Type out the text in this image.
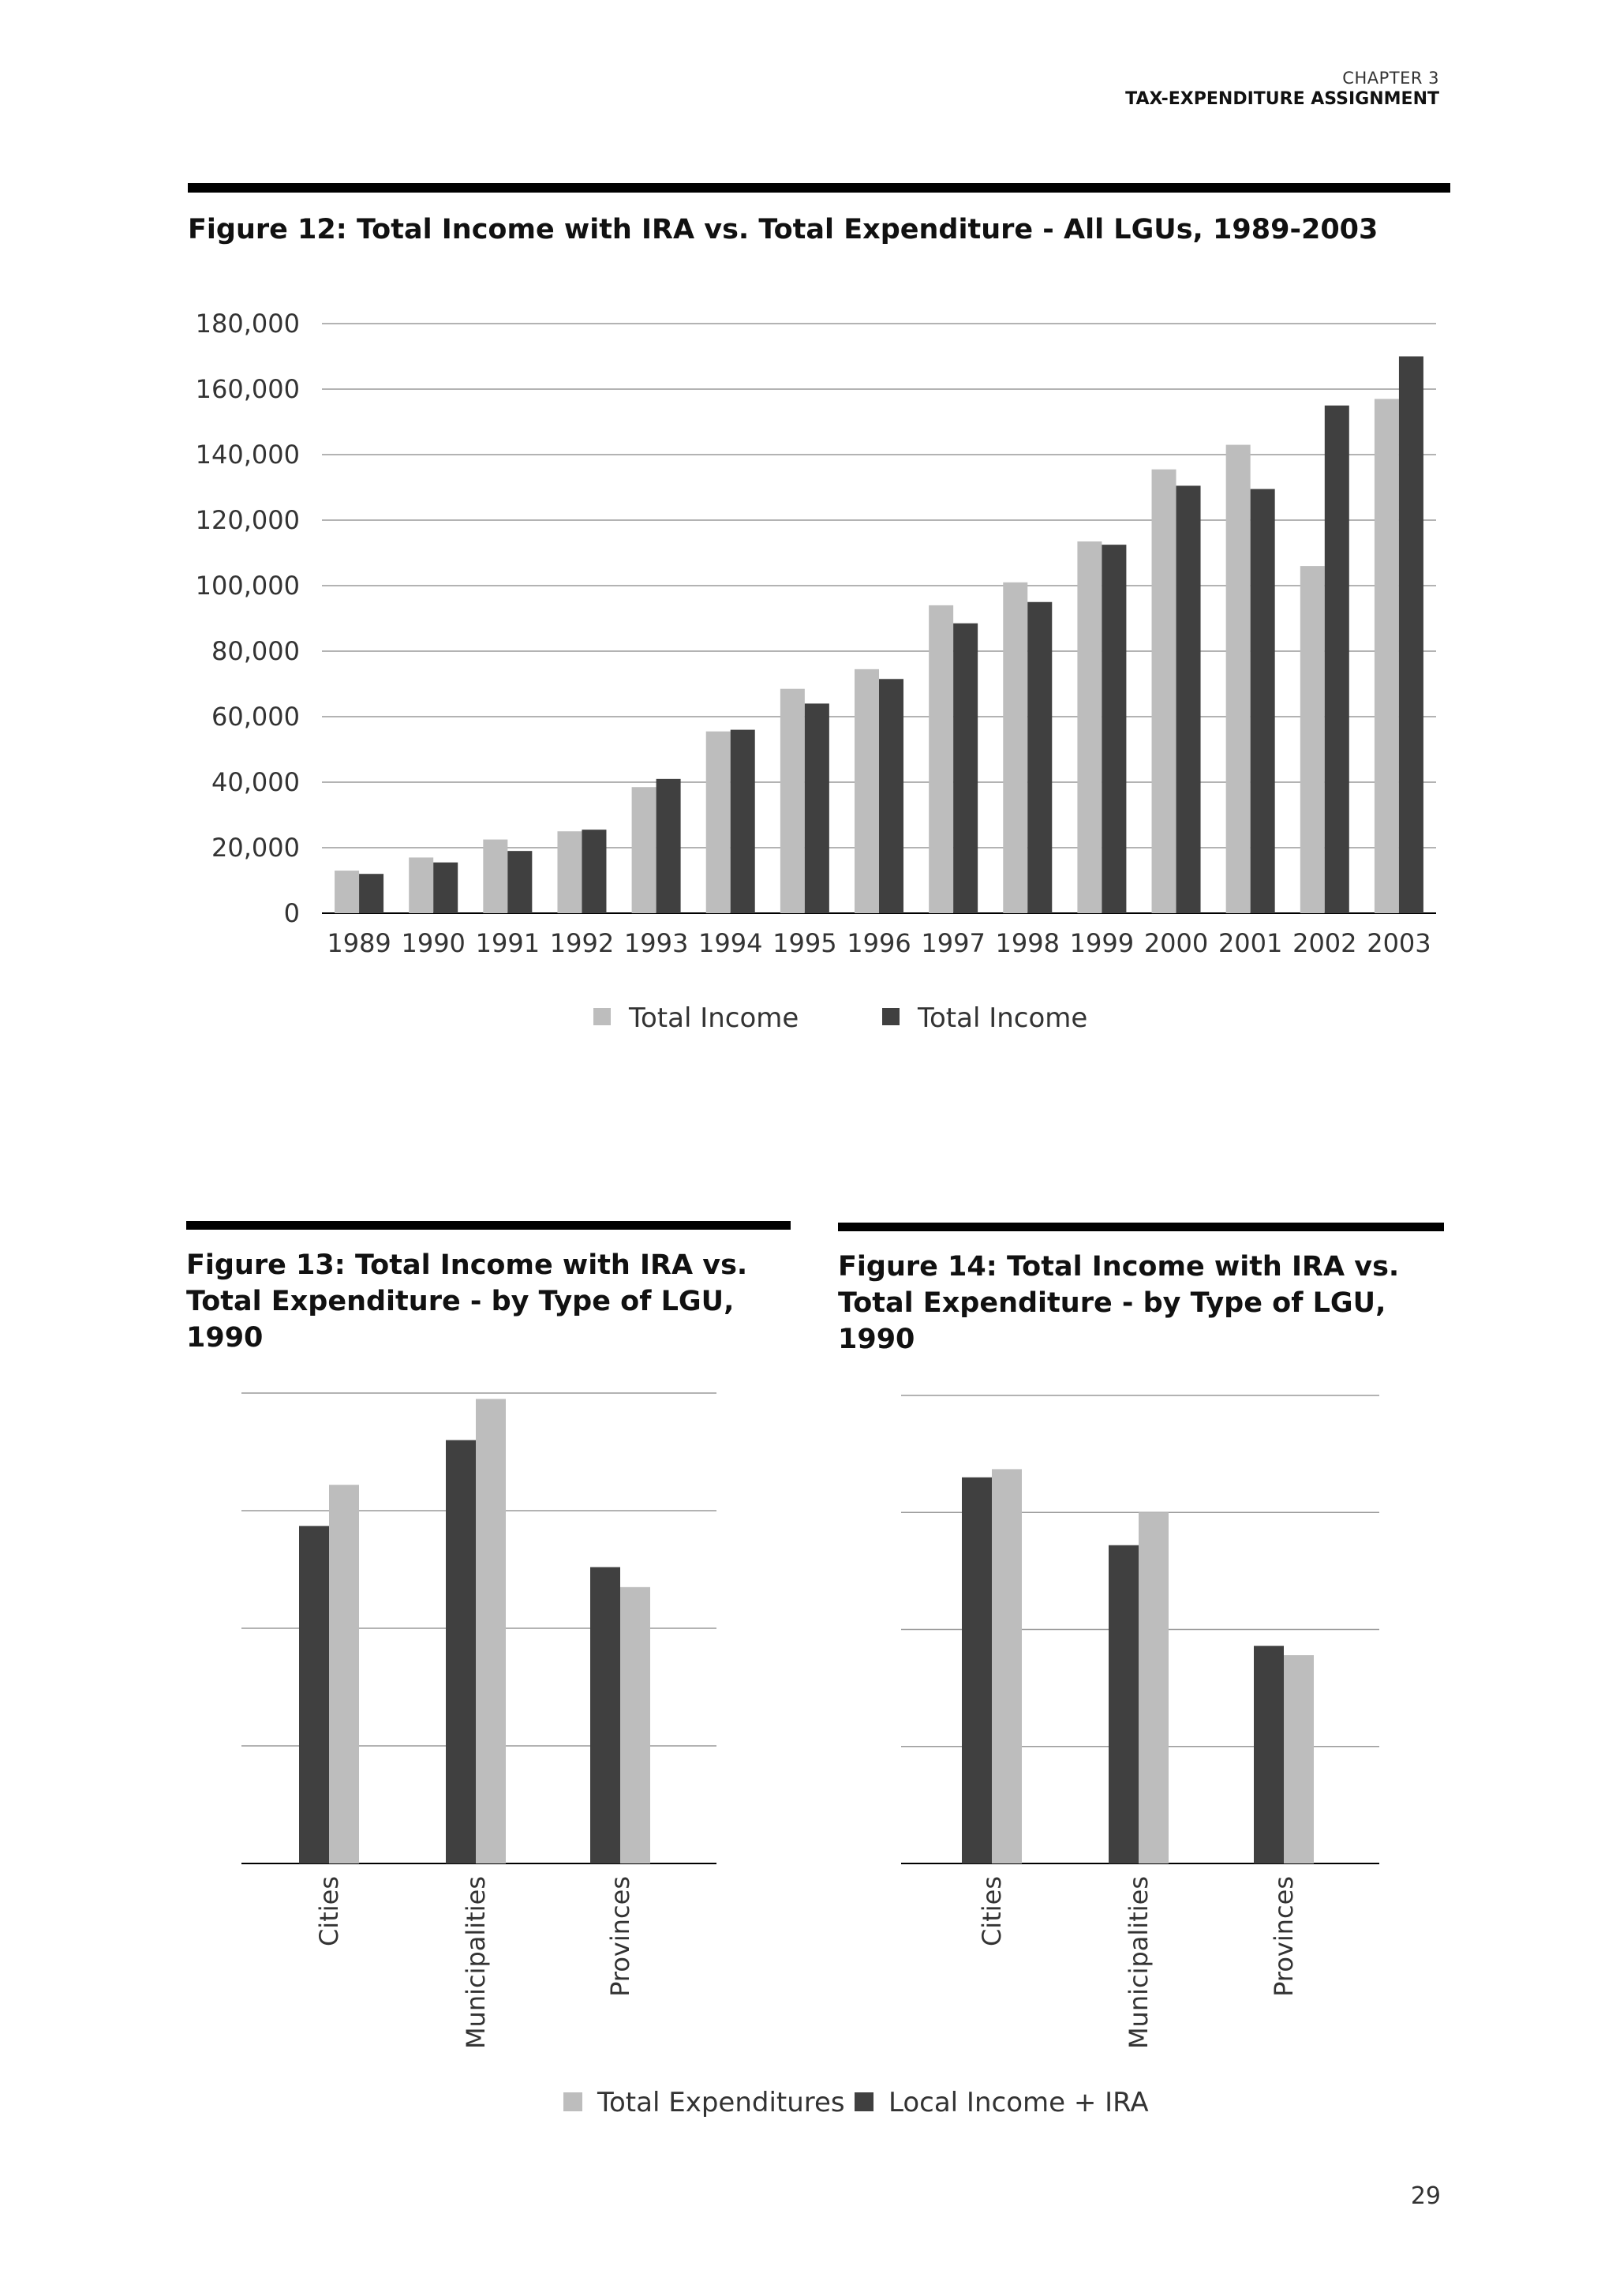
CHAPTER 3
TAX-EXPENDITURE ASSIGNMENT
Figure 12: Total Income with IRA vs. Total Expenditure - All LGUs, 1989-2003
Figure 13: Total Income with IRA vs. Total Expenditure - by Type of LGU, 1990
Figure 14: Total Income with IRA vs. Total Expenditure - by Type of LGU, 1990
0
20,000
40,000
60,000
80,000
100,000
120,000
140,000
160,000
180,000
1989 1990 1991 1992 1993 1994 1995 1996 1997 1998 1999 2000 2001 2002 2003
Total Income	Total Income
Cities	Municipalities	Provinces	Cities	Municipalities	Provinces
Total Expenditures Local Income + IRA
29
